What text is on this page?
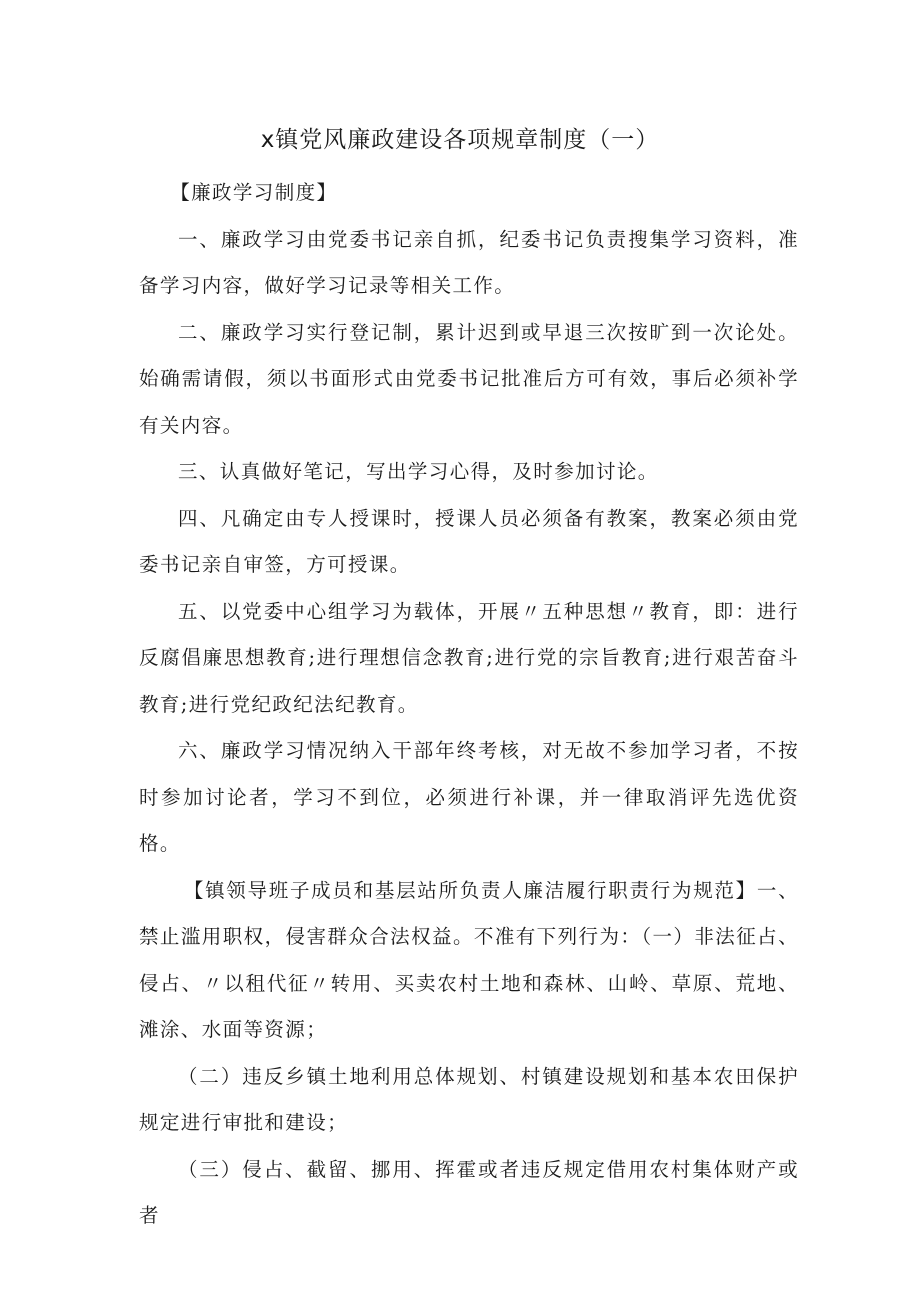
x镇党风廉政建设各项规章制度（一）

【廉政学习制度】

一、廉政学习由党委书记亲自抓，纪委书记负责搜集学习资料，准备学习内容，做好学习记录等相关工作。

二、廉政学习实行登记制，累计迟到或早退三次按旷到一次论处。始确需请假，须以书面形式由党委书记批准后方可有效，事后必须补学有关内容。

三、认真做好笔记，写出学习心得，及时参加讨论。

四、凡确定由专人授课时，授课人员必须备有教案，教案必须由党委书记亲自审签，方可授课。

五、以党委中心组学习为载体，开展〃五种思想〃教育，即：进行反腐倡廉思想教育;进行理想信念教育;进行党的宗旨教育;进行艰苦奋斗教育;进行党纪政纪法纪教育。

六、廉政学习情况纳入干部年终考核，对无故不参加学习者，不按时参加讨论者，学习不到位，必须进行补课，并一律取消评先选优资格。

【镇领导班子成员和基层站所负责人廉洁履行职责行为规范】一、禁止滥用职权，侵害群众合法权益。不准有下列行为：（一）非法征占、侵占、〃以租代征〃转用、买卖农村土地和森林、山岭、草原、荒地、滩涂、水面等资源；

（二）违反乡镇土地利用总体规划、村镇建设规划和基本农田保护规定进行审批和建设；

（三）侵占、截留、挪用、挥霍或者违反规定借用农村集体财产或者
